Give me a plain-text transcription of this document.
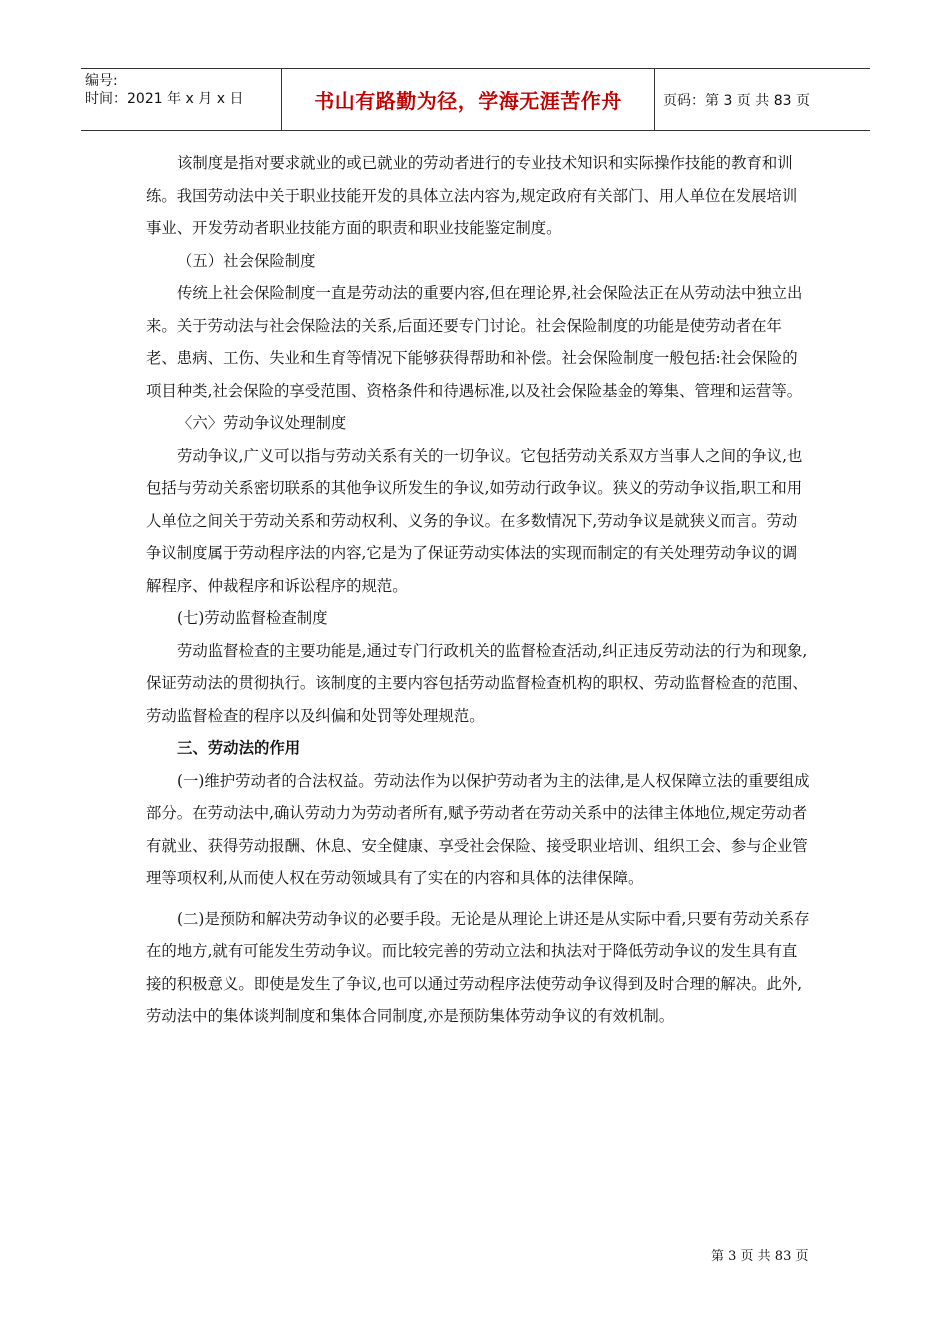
编号:
时间：2021 年 x 月 x 日	书山有路勤为径，学海无涯苦作舟	页码：第 3 页 共 83 页

该制度是指对要求就业的或已就业的劳动者进行的专业技术知识和实际操作技能的教育和训练。我国劳动法中关于职业技能开发的具体立法内容为,规定政府有关部门、用人单位在发展培训事业、开发劳动者职业技能方面的职责和职业技能鉴定制度。

（五）社会保险制度

传统上社会保险制度一直是劳动法的重要内容,但在理论界,社会保险法正在从劳动法中独立出来。关于劳动法与社会保险法的关系,后面还要专门讨论。社会保险制度的功能是使劳动者在年老、患病、工伤、失业和生育等情况下能够获得帮助和补偿。社会保险制度一般包括:社会保险的项目种类,社会保险的享受范围、资格条件和待遇标准,以及社会保险基金的筹集、管理和运营等。

〈六〉劳动争议处理制度

劳动争议,广义可以指与劳动关系有关的一切争议。它包括劳动关系双方当事人之间的争议,也包括与劳动关系密切联系的其他争议所发生的争议,如劳动行政争议。狭义的劳动争议指,职工和用人单位之间关于劳动关系和劳动权利、义务的争议。在多数情况下,劳动争议是就狭义而言。劳动争议制度属于劳动程序法的内容,它是为了保证劳动实体法的实现而制定的有关处理劳动争议的调解程序、仲裁程序和诉讼程序的规范。

(七)劳动监督检查制度

劳动监督检查的主要功能是,通过专门行政机关的监督检查活动,纠正违反劳动法的行为和现象,保证劳动法的贯彻执行。该制度的主要内容包括劳动监督检查机构的职权、劳动监督检查的范围、劳动监督检查的程序以及纠偏和处罚等处理规范。

三、劳动法的作用

(一)维护劳动者的合法权益。劳动法作为以保护劳动者为主的法律,是人权保障立法的重要组成部分。在劳动法中,确认劳动力为劳动者所有,赋予劳动者在劳动关系中的法律主体地位,规定劳动者有就业、获得劳动报酬、休息、安全健康、享受社会保险、接受职业培训、组织工会、参与企业管理等项权利,从而使人权在劳动领域具有了实在的内容和具体的法律保障。

(二)是预防和解决劳动争议的必要手段。无论是从理论上讲还是从实际中看,只要有劳动关系存在的地方,就有可能发生劳动争议。而比较完善的劳动立法和执法对于降低劳动争议的发生具有直接的积极意义。即使是发生了争议,也可以通过劳动程序法使劳动争议得到及时合理的解决。此外,劳动法中的集体谈判制度和集体合同制度,亦是预防集体劳动争议的有效机制。

第 3 页 共 83 页
